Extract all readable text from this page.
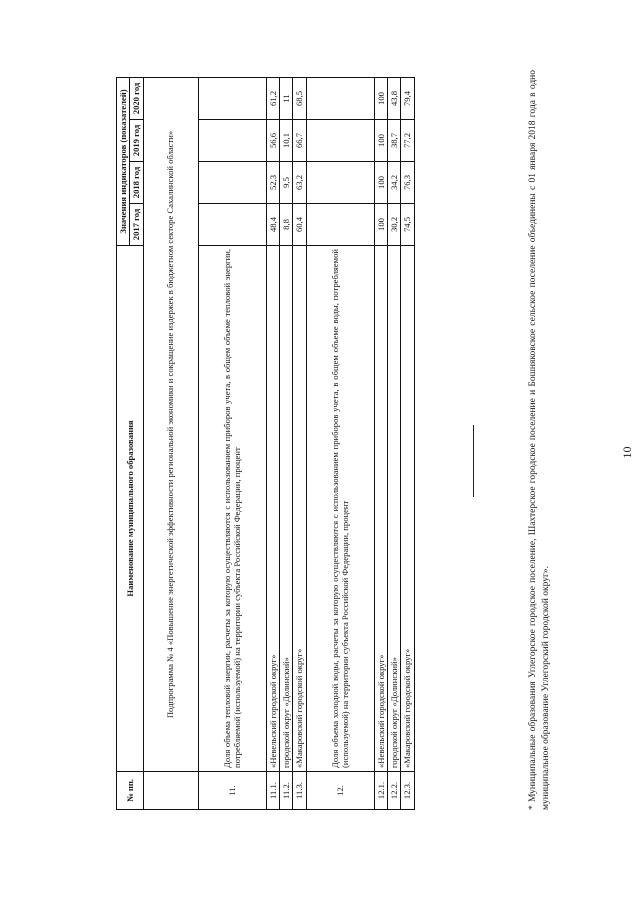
10
№ пп.	Наименование муниципального образования	Значения индикаторов (показателей)			
		2017 год	2018 год	2019 год	2020 год
	Подпрограмма № 4 «Повышение энергетической эффективности региональной экономики и сокращение издержек в бюджетном секторе Сахалинской области»				
11.	Доля объема тепловой энергии, расчеты за которую осуществляются с использованием приборов учета, в общем объеме тепловой энергии, потребляемой (используемой) на территории субъекта Российской Федерации, процент				
11.1.	«Невельский городской округ»	48,4	52,3	56,6	61,2
11.2.	городской округ «Долинский»	8,8	9,5	10,1	11
11.3.	«Макаровский городской округ»	60,4	63,2	66,7	68,5
12.	Доля объема холодной воды, расчеты за которую осуществляются с использованием приборов учета, в общем объеме воды, потребляемой (используемой) на территории субъекта Российской Федерации, процент				
12.1.	«Невельский городской округ»	100	100	100	100
12.2.	городской округ «Долинский»	30,2	34,2	38,7	43,8
12.3.	«Макаровский городской округ»	74,5	76,3	77,2	79,4	* Муниципальные образования Углегорское городское поселение, Шахтерское городское поселение и Бошняковское сельское поселение объединены с 01 января 2018 года в одно муниципальное образование Углегорский городской округ».
